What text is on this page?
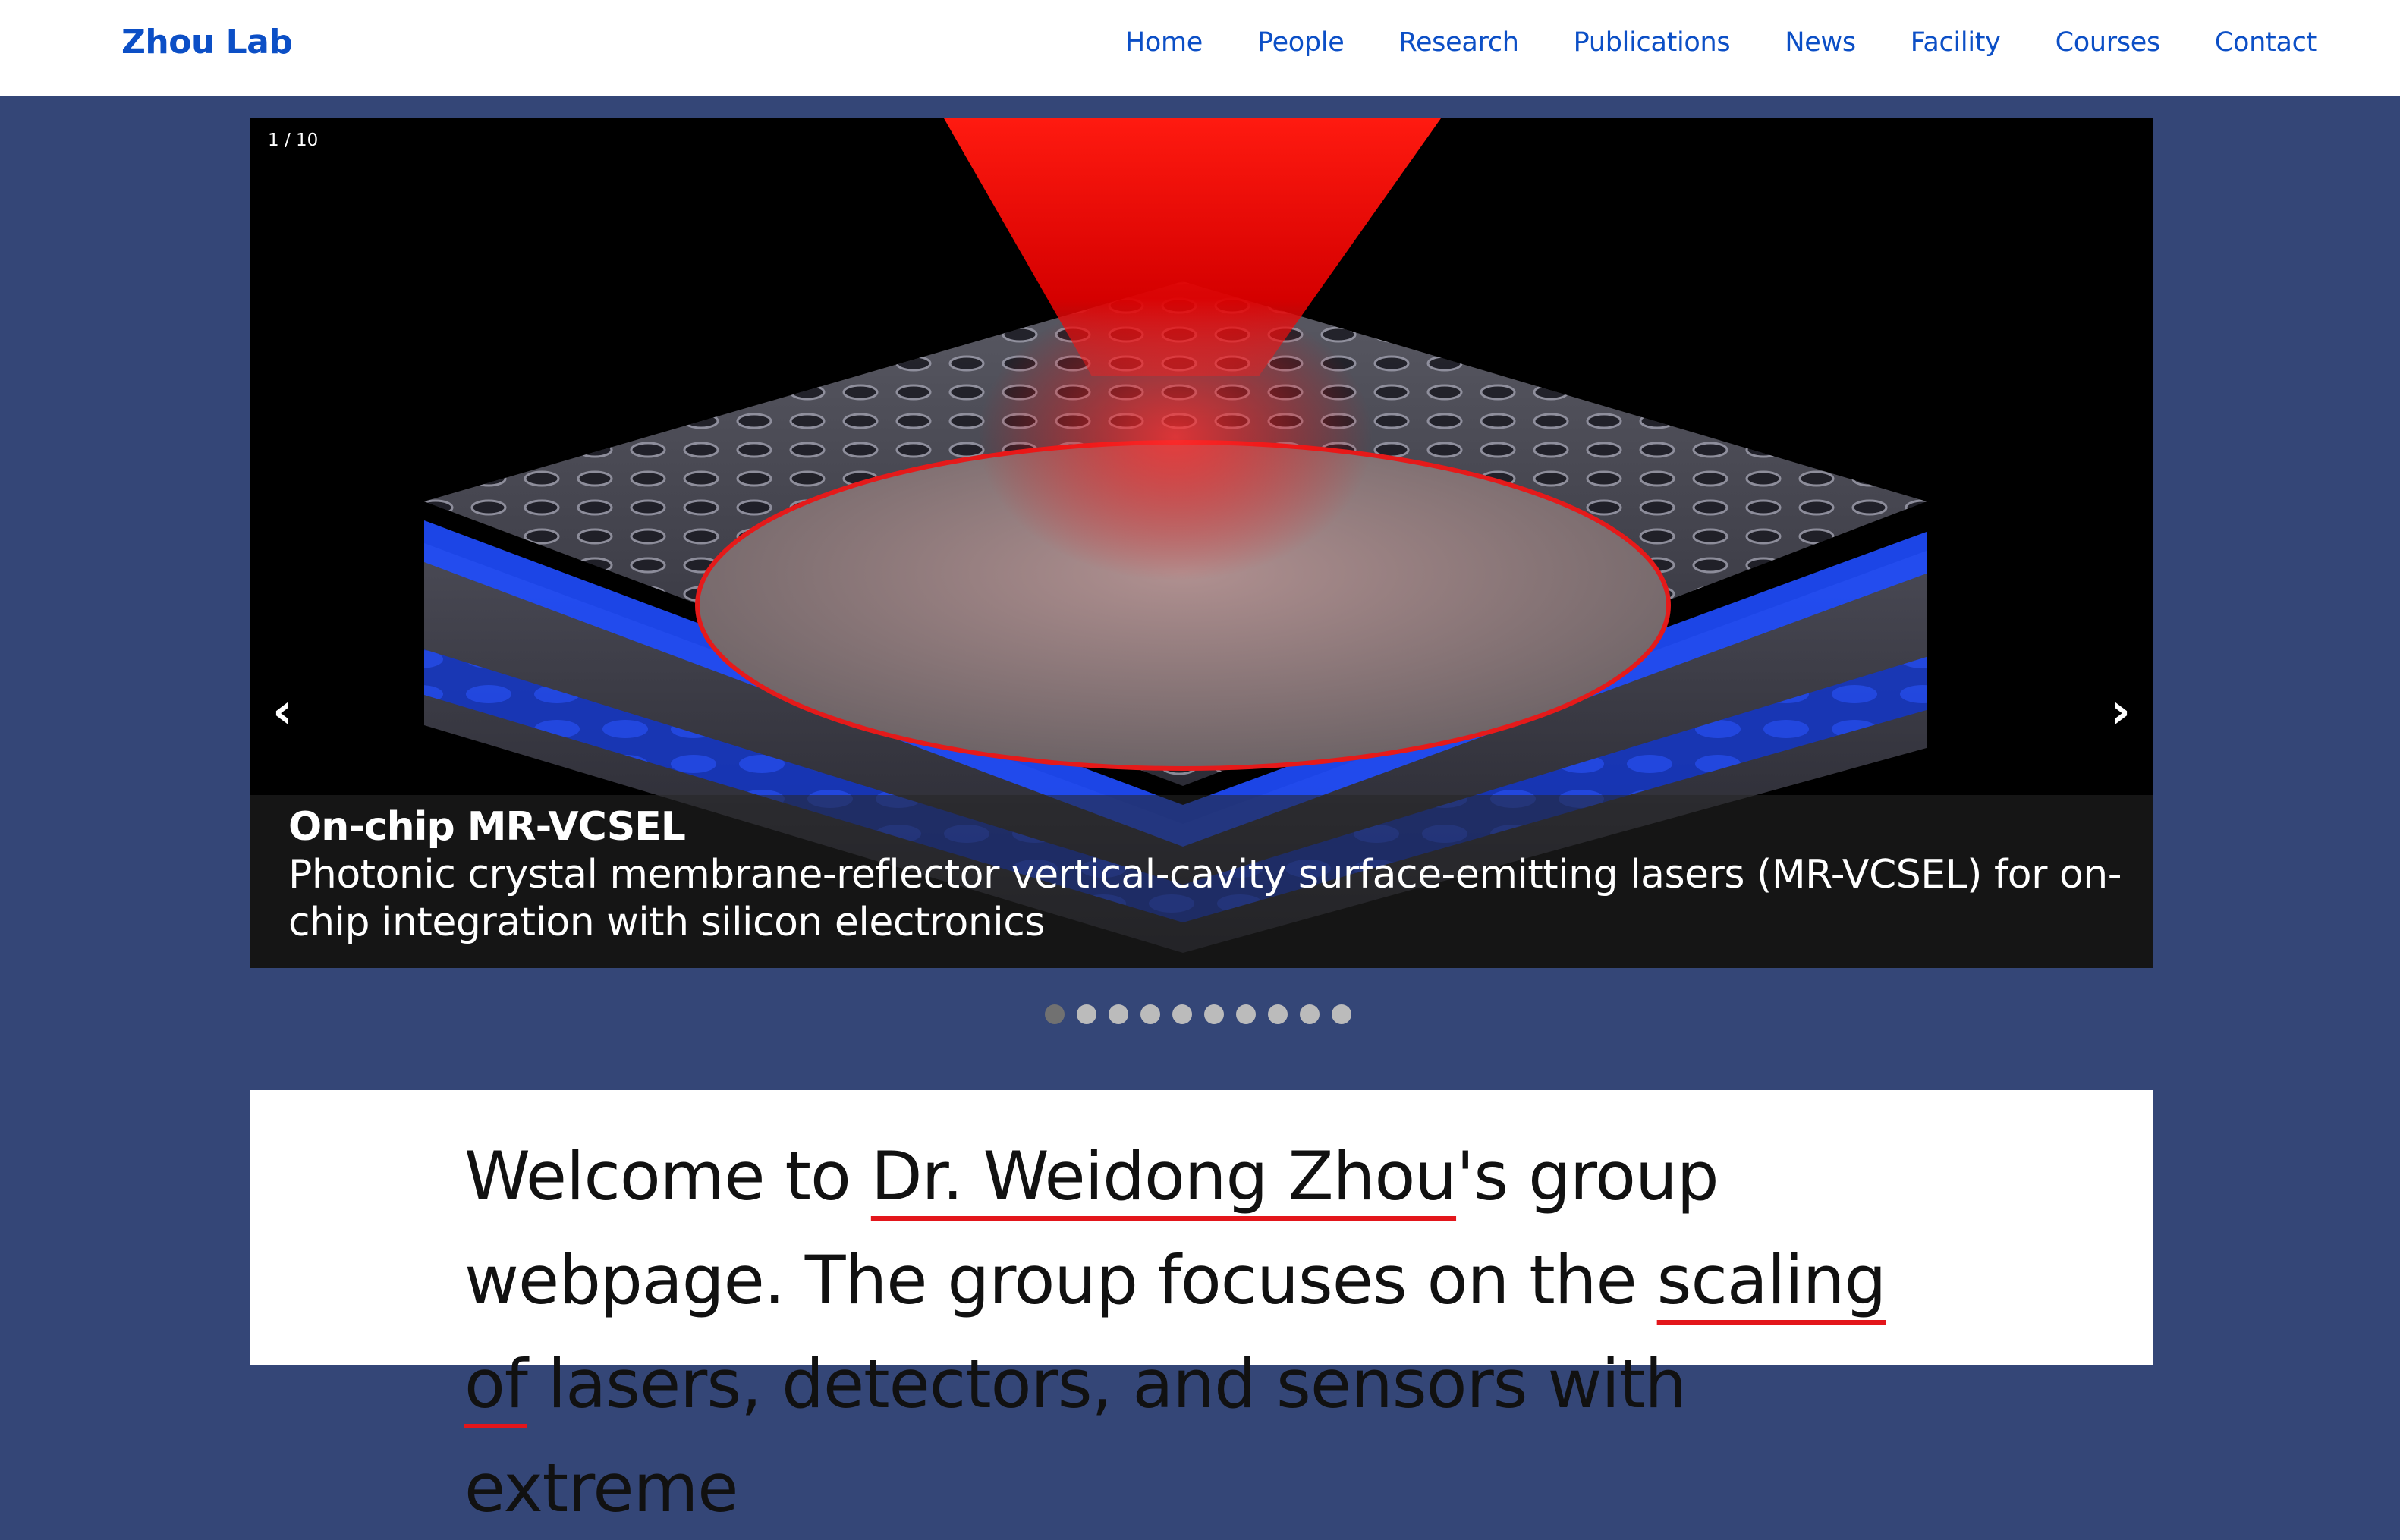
Zhou Lab	Home People Research Publications News Facility Courses Contact
1 / 10
‹	›
On-chip MR-VCSEL
Photonic crystal membrane-reflector vertical-cavity surface-emitting lasers (MR-VCSEL) for on-chip integration with silicon electronics
Welcome to Dr. Weidong Zhou's group webpage. The group focuses on the scaling of lasers, detectors, and sensors with extreme
